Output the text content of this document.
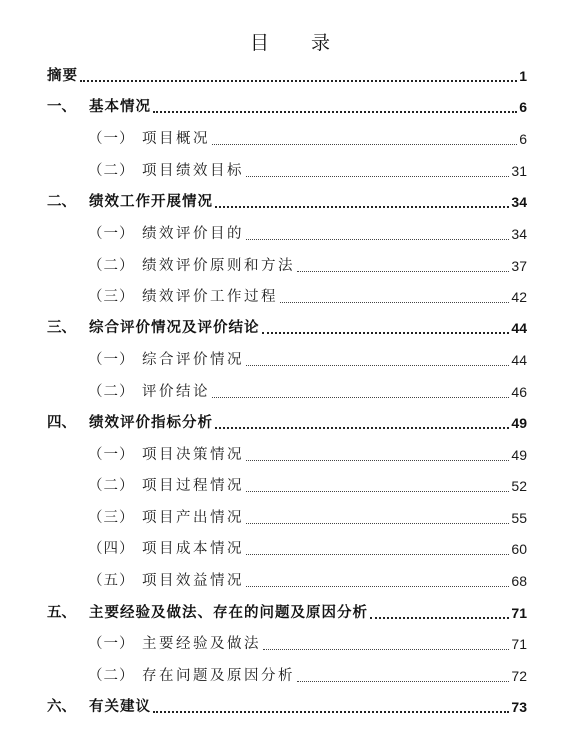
目 录
摘要	1
一、 基本情况	6
（一） 项目概况	6
（二） 项目绩效目标	31
二、 绩效工作开展情况	34
（一） 绩效评价目的	34
（二） 绩效评价原则和方法	37
（三） 绩效评价工作过程	42
三、 综合评价情况及评价结论	44
（一） 综合评价情况	44
（二） 评价结论	46
四、 绩效评价指标分析	49
（一） 项目决策情况	49
（二） 项目过程情况	52
（三） 项目产出情况	55
（四） 项目成本情况	60
（五） 项目效益情况	68
五、 主要经验及做法、存在的问题及原因分析	71
（一） 主要经验及做法	71
（二） 存在问题及原因分析	72
六、 有关建议	73
